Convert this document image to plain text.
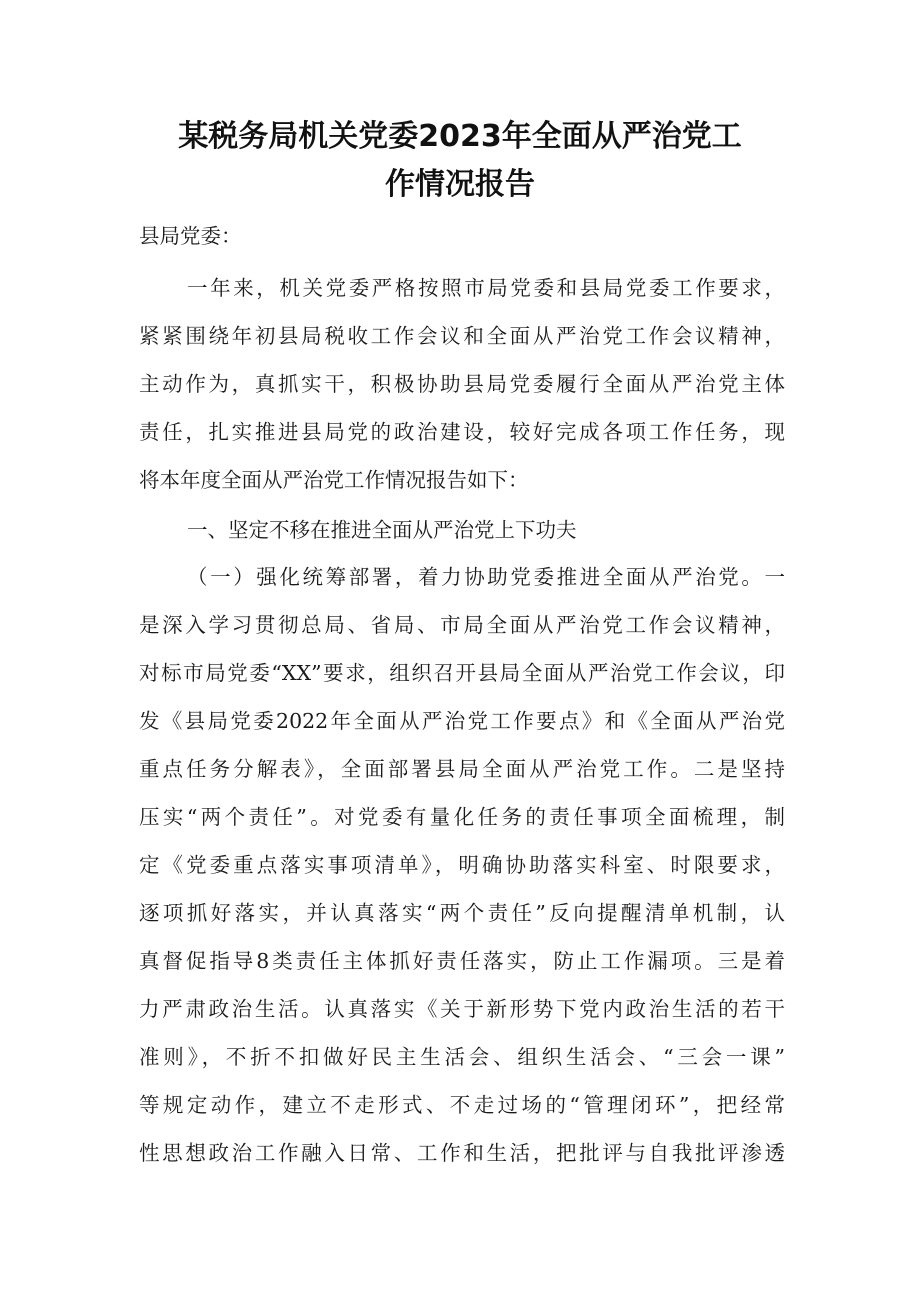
某税务局机关党委2023年全面从严治党工
作情况报告
县局党委：
一年来，机关党委严格按照市局党委和县局党委工作要求，
紧紧围绕年初县局税收工作会议和全面从严治党工作会议精神，
主动作为，真抓实干，积极协助县局党委履行全面从严治党主体
责任，扎实推进县局党的政治建设，较好完成各项工作任务，现
将本年度全面从严治党工作情况报告如下：
一、坚定不移在推进全面从严治党上下功夫
（一）强化统筹部署，着力协助党委推进全面从严治党。一
是深入学习贯彻总局、省局、市局全面从严治党工作会议精神，
对标市局党委“XX”要求，组织召开县局全面从严治党工作会议，印
发《县局党委2022年全面从严治党工作要点》和《全面从严治党
重点任务分解表》，全面部署县局全面从严治党工作。二是坚持
压实“两个责任”。对党委有量化任务的责任事项全面梳理，制
定《党委重点落实事项清单》，明确协助落实科室、时限要求，
逐项抓好落实，并认真落实“两个责任”反向提醒清单机制，认
真督促指导8类责任主体抓好责任落实，防止工作漏项。三是着
力严肃政治生活。认真落实《关于新形势下党内政治生活的若干
准则》，不折不扣做好民主生活会、组织生活会、“三会一课”
等规定动作，建立不走形式、不走过场的“管理闭环”，把经常
性思想政治工作融入日常、工作和生活，把批评与自我批评渗透
